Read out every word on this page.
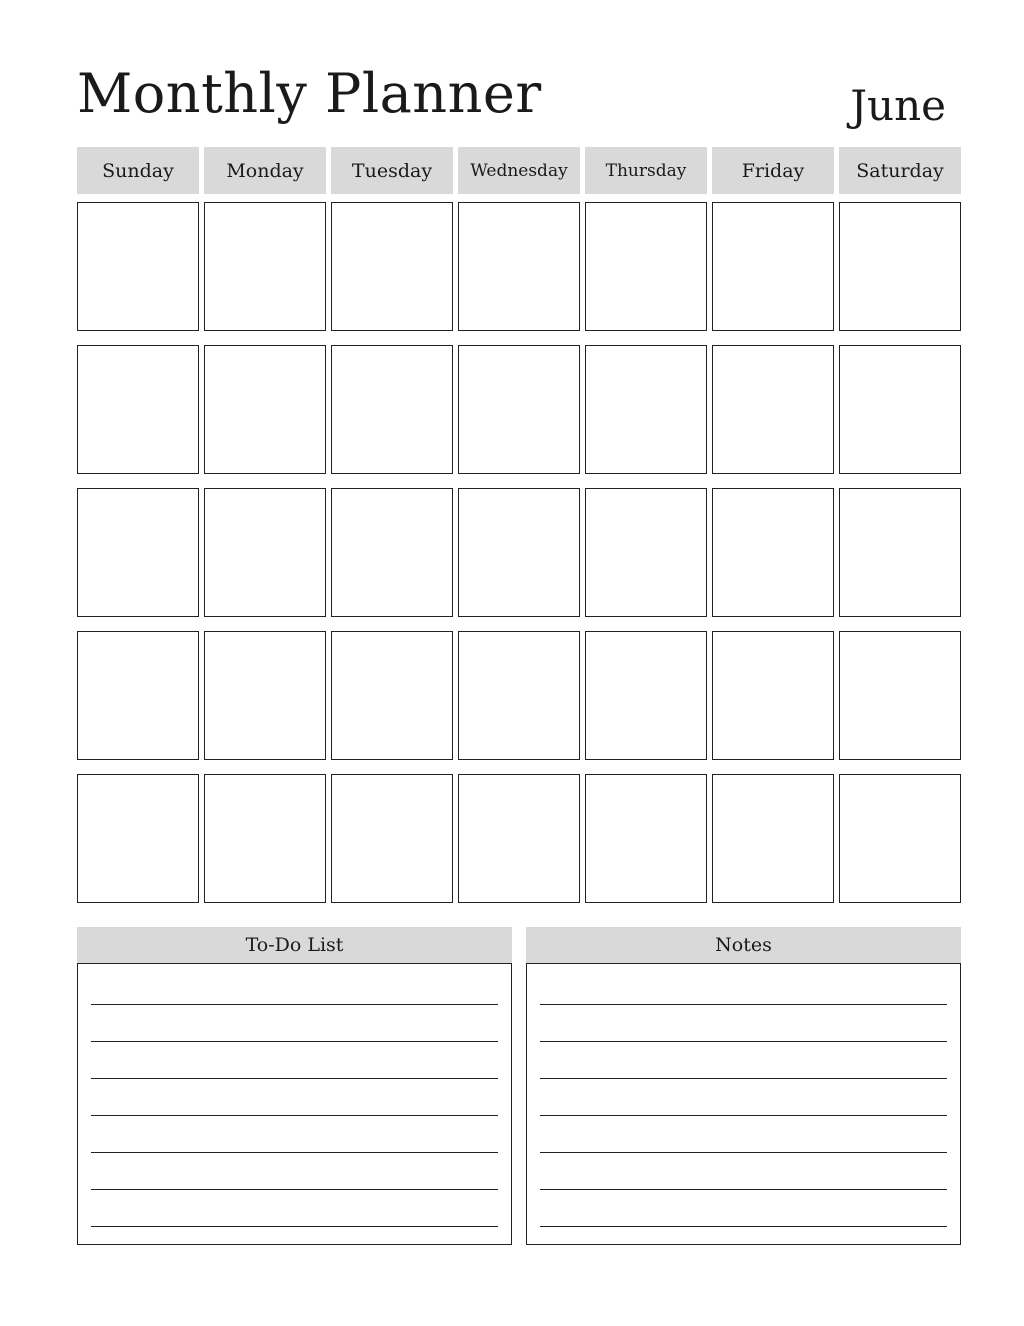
Monthly Planner	June
Sunday	Monday	Tuesday	Wednesday	Thursday	Friday	Saturday
To-Do List	Notes
